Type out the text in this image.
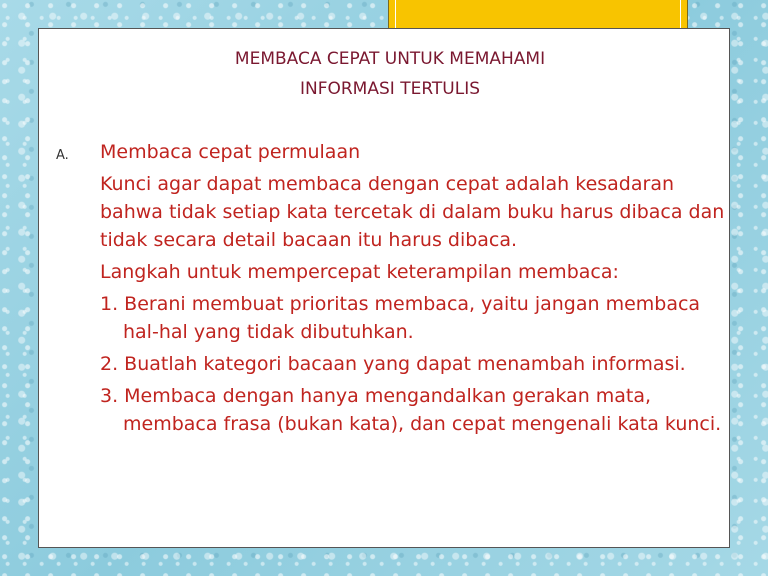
MEMBACA CEPAT UNTUK MEMAHAMI
INFORMASI TERTULIS
A. Membaca cepat permulaan
Kunci agar dapat membaca dengan cepat adalah kesadaran bahwa tidak setiap kata tercetak di dalam buku harus dibaca dan tidak secara detail bacaan itu harus dibaca.
Langkah untuk mempercepat keterampilan membaca:
1. Berani membuat prioritas membaca, yaitu jangan membaca hal-hal yang tidak dibutuhkan.
2. Buatlah kategori bacaan yang dapat menambah informasi.
3. Membaca dengan hanya mengandalkan gerakan mata, membaca frasa (bukan kata), dan cepat mengenali kata kunci.
